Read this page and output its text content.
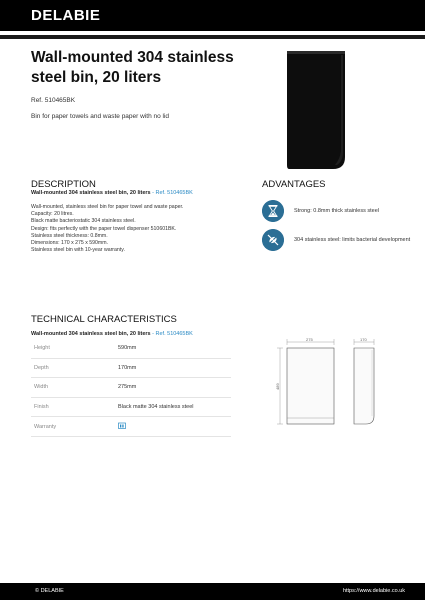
DELABIE
Wall-mounted 304 stainless steel bin, 20 liters
Ref. 510465BK
Bin for paper towels and waste paper with no lid
DESCRIPTION
Wall-mounted 304 stainless steel bin, 20 liters - Ref. 510465BK
Wall-mounted, stainless steel bin for paper towel and waste paper.
Capacity: 20 litres.
Black matte bacteriostatic 304 stainless steel.
Design: fits perfectly with the paper towel dispenser 510601BK.
Stainless steel thickness: 0.8mm.
Dimensions: 170 x 275 x 590mm.
Stainless steel bin with 10-year warranty.
ADVANTAGES
Strong: 0.8mm thick stainless steel
304 stainless steel: limits bacterial development
TECHNICAL CHARACTERISTICS
Wall-mounted 304 stainless steel bin, 20 liters - Ref. 510465BK
Height	590mm
Depth	170mm
Width	275mm
Finish	Black matte 304 stainless steel
Warranty
275
489
170
© DELABIE	https://www.delabie.co.uk
